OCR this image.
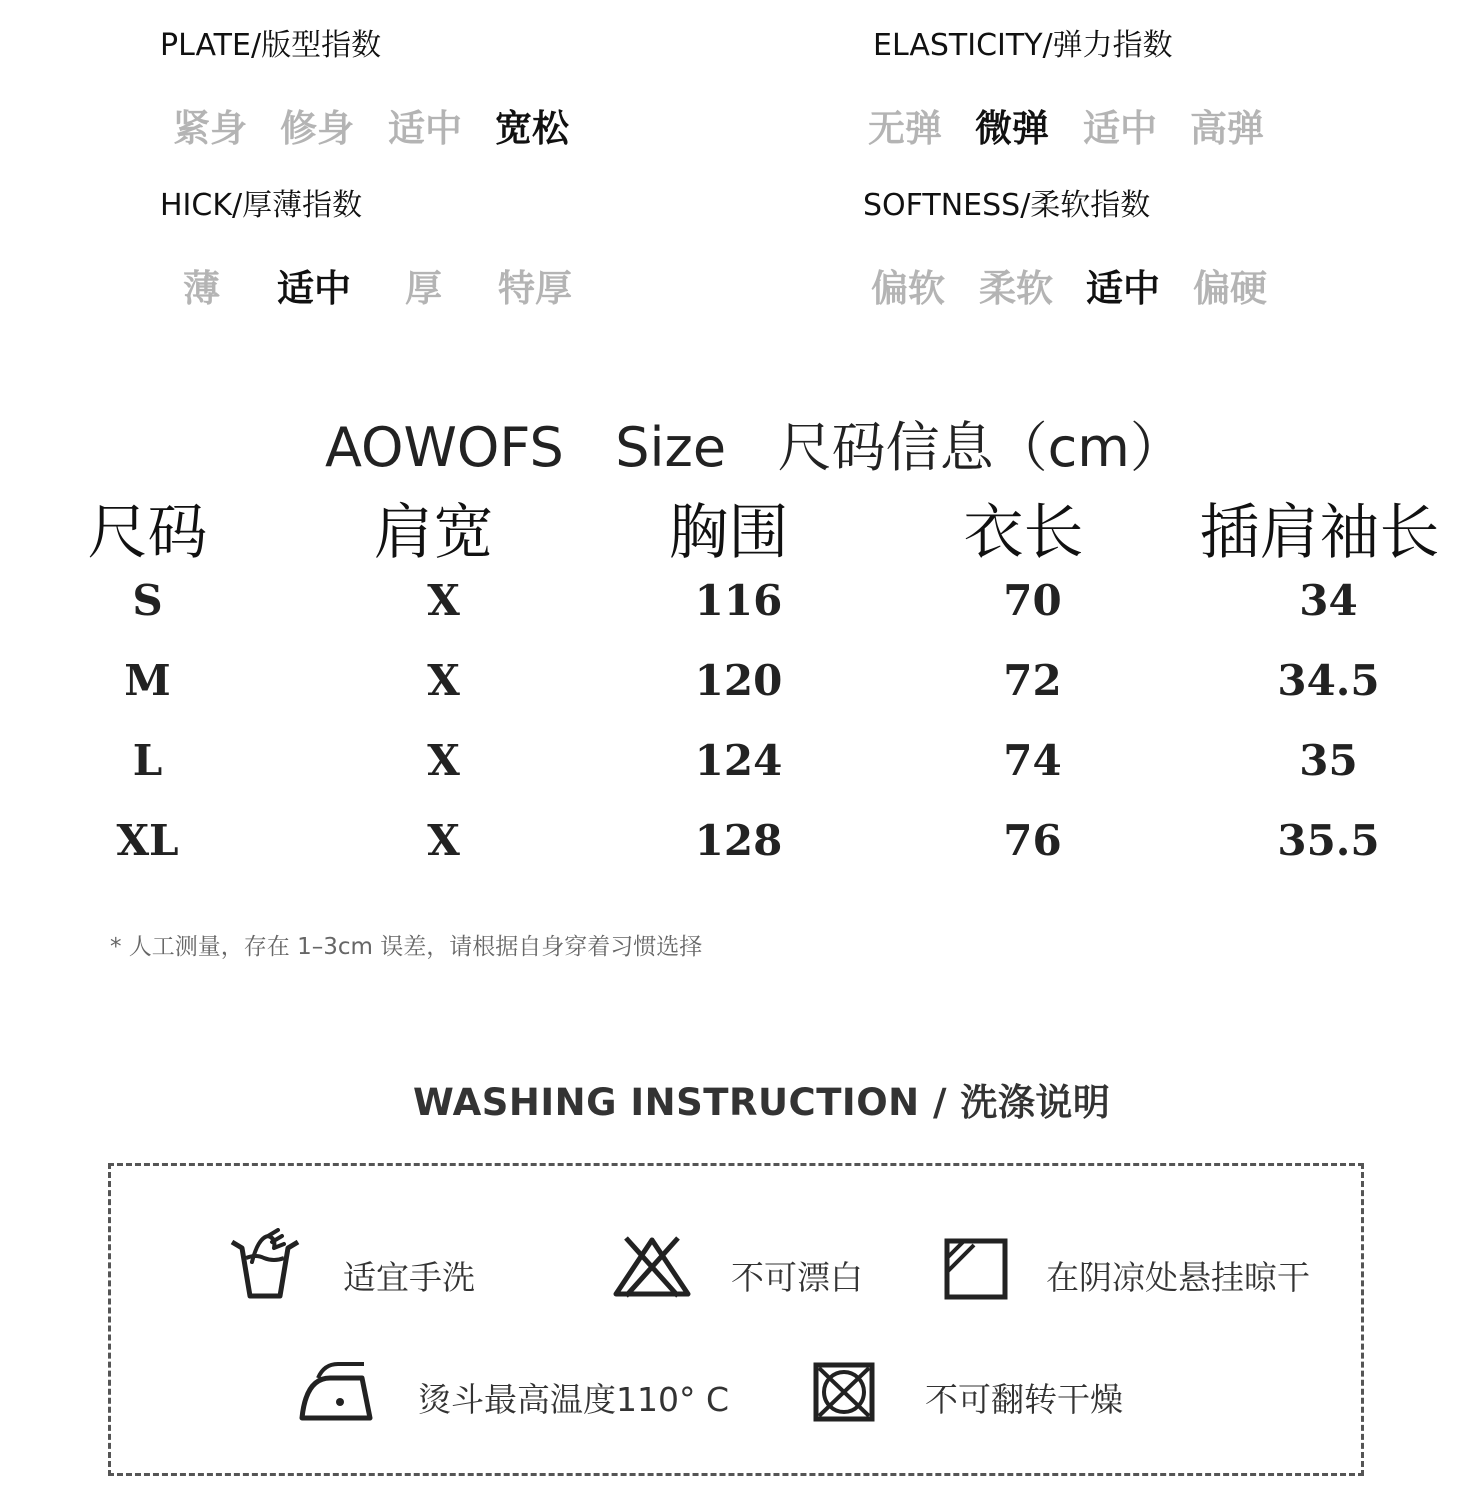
PLATE/版型指数
紧身 修身 适中 宽松
ELASTICITY/弹力指数
无弹 微弹 适中 高弹
HICK/厚薄指数
薄 适中 厚 特厚
SOFTNESS/柔软指数
偏软 柔软 适中 偏硬
AOWOFS   Size   尺码信息（cm）
尺码	肩宽	胸围	衣长	插肩袖长
S	X	116	70	34
M	X	120	72	34.5
L	X	124	74	35
XL	X	128	76	35.5
* 人工测量，存在 1–3cm 误差，请根据自身穿着习惯选择
WASHING INSTRUCTION / 洗涤说明
适宜手洗	不可漂白	在阴凉处悬挂晾干
烫斗最高温度110° C	不可翻转干燥
